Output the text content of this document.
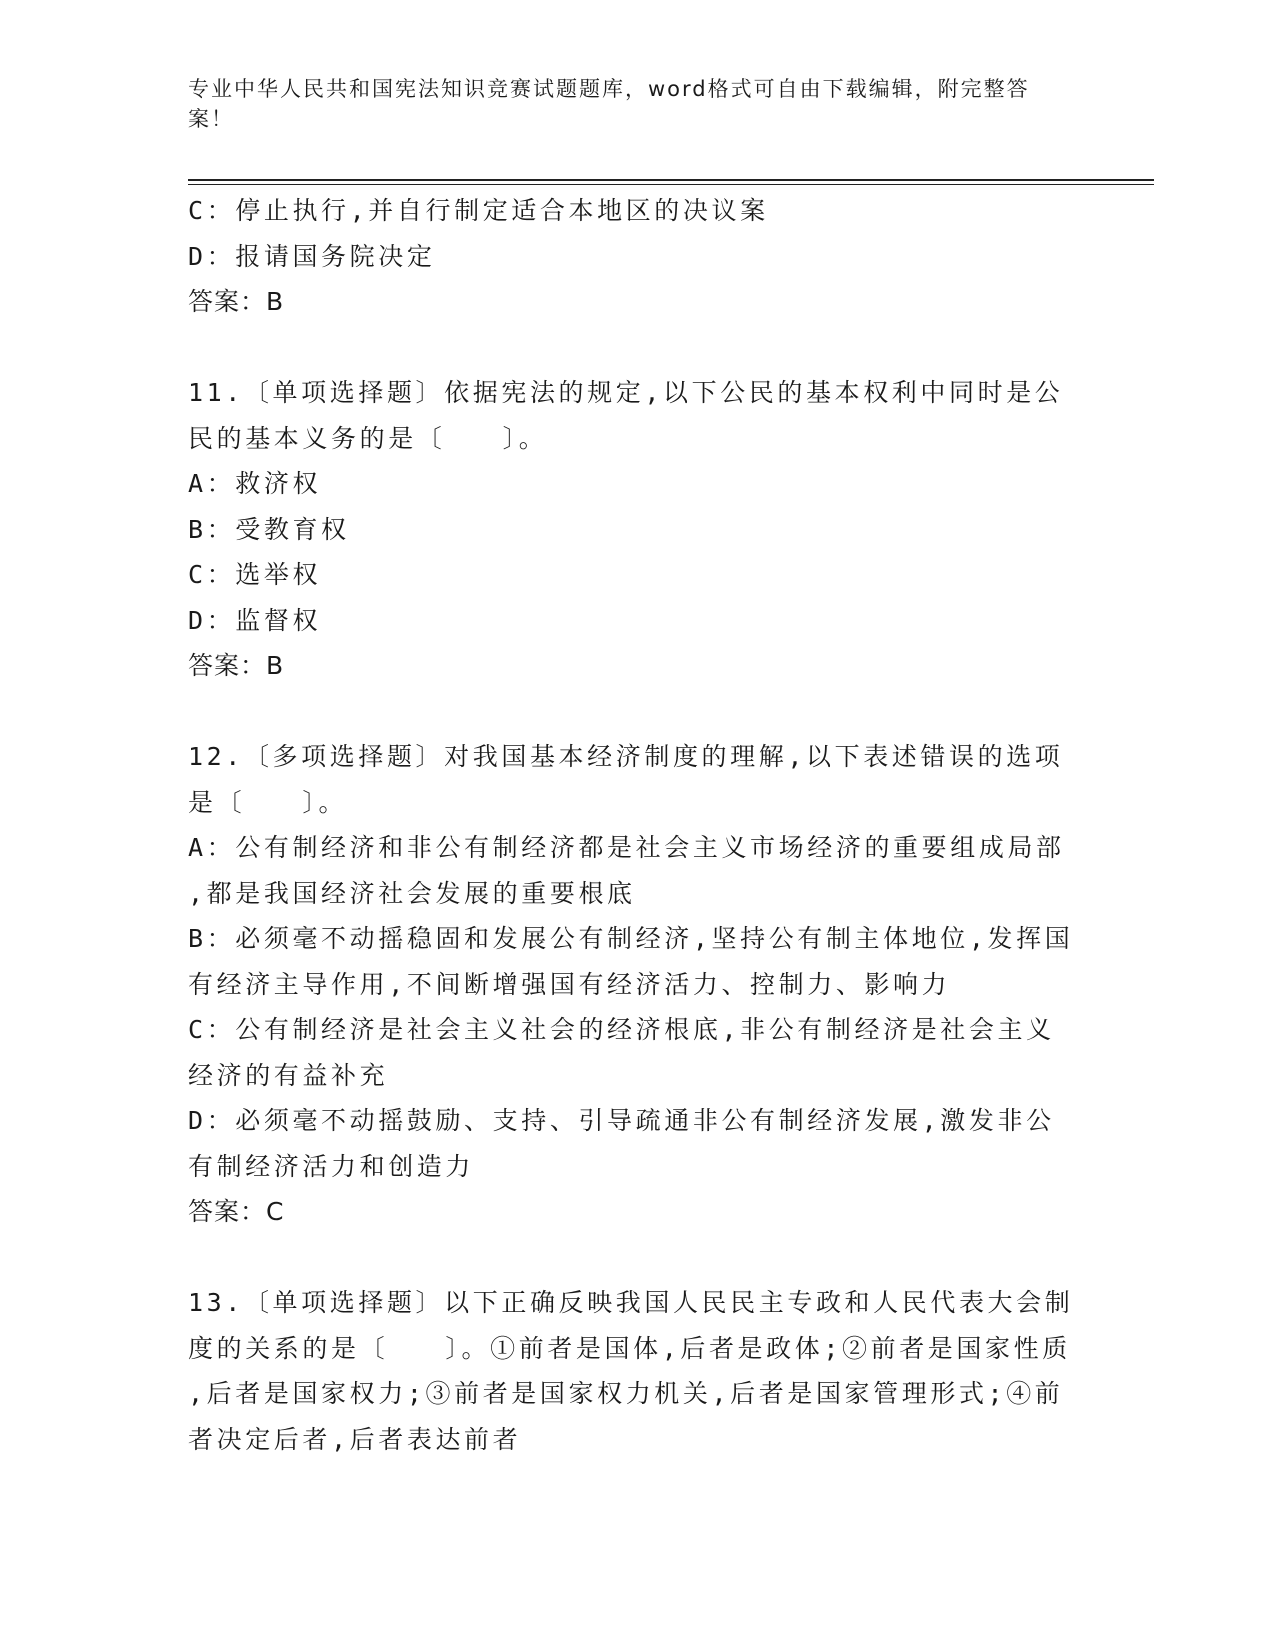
专业中华人民共和国宪法知识竞赛试题题库，word格式可自由下载编辑，附完整答案！
C：停止执行,并自行制定适合本地区的决议案
D：报请国务院决定
答案：B
11.〔单项选择题〕依据宪法的规定,以下公民的基本权利中同时是公
民的基本义务的是〔　　〕。
A：救济权
B：受教育权
C：选举权
D：监督权
答案：B
12.〔多项选择题〕对我国基本经济制度的理解,以下表述错误的选项
是〔　　〕。
A：公有制经济和非公有制经济都是社会主义市场经济的重要组成局部
,都是我国经济社会发展的重要根底
B：必须毫不动摇稳固和发展公有制经济,坚持公有制主体地位,发挥国
有经济主导作用,不间断增强国有经济活力、控制力、影响力
C：公有制经济是社会主义社会的经济根底,非公有制经济是社会主义
经济的有益补充
D：必须毫不动摇鼓励、支持、引导疏通非公有制经济发展,激发非公
有制经济活力和创造力
答案：C
13.〔单项选择题〕以下正确反映我国人民民主专政和人民代表大会制
度的关系的是〔　　〕。①前者是国体,后者是政体;②前者是国家性质
,后者是国家权力;③前者是国家权力机关,后者是国家管理形式;④前
者决定后者,后者表达前者
